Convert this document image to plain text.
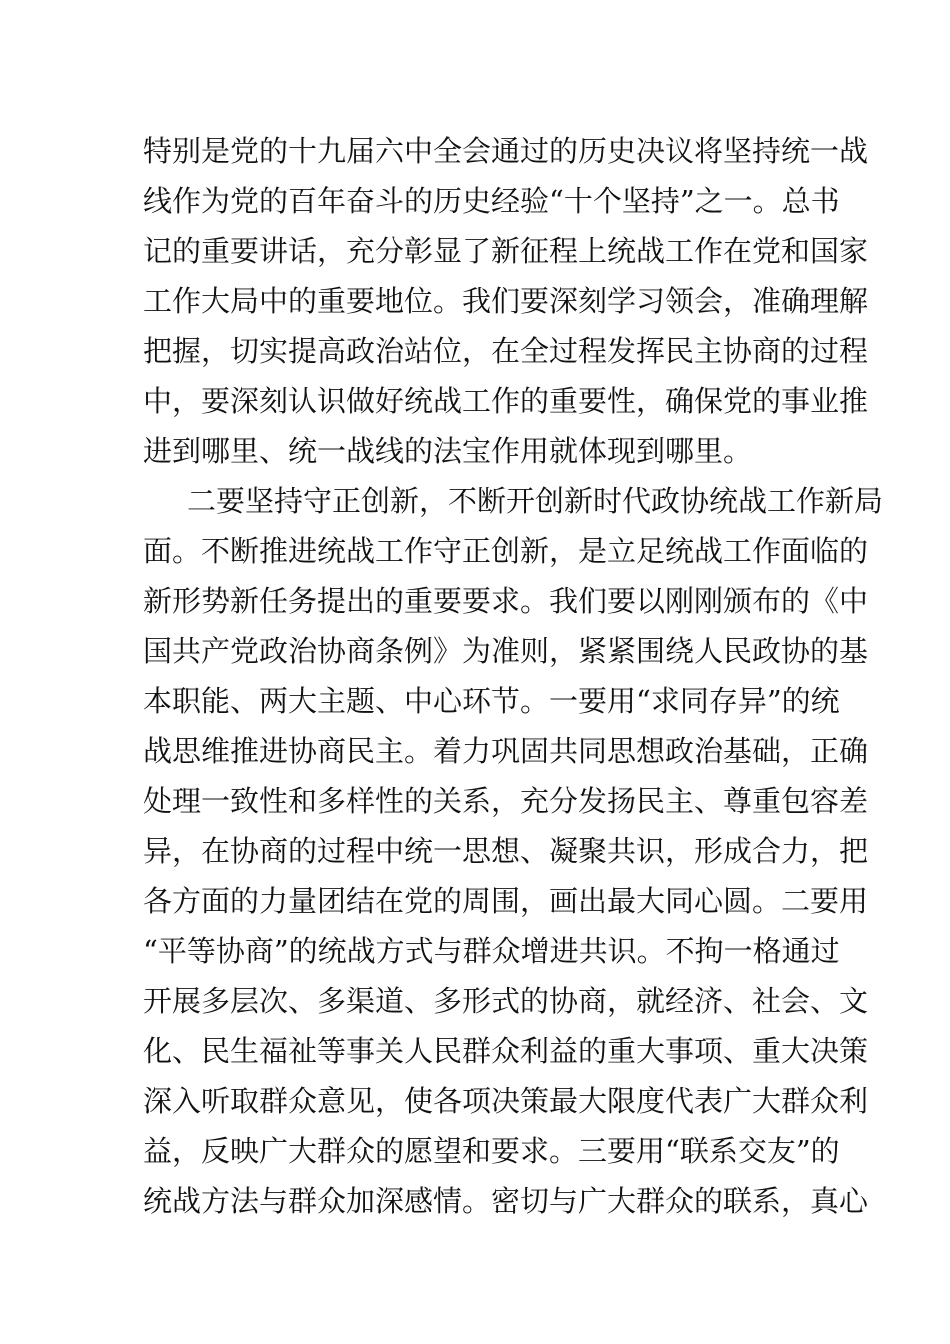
特别是党的十九届六中全会通过的历史决议将坚持统一战
线作为党的百年奋斗的历史经验“十个坚持”之一。总书
记的重要讲话，充分彰显了新征程上统战工作在党和国家
工作大局中的重要地位。我们要深刻学习领会，准确理解
把握，切实提高政治站位，在全过程发挥民主协商的过程
中，要深刻认识做好统战工作的重要性，确保党的事业推
进到哪里、统一战线的法宝作用就体现到哪里。
二要坚持守正创新，不断开创新时代政协统战工作新局
面。不断推进统战工作守正创新，是立足统战工作面临的
新形势新任务提出的重要要求。我们要以刚刚颁布的《中
国共产党政治协商条例》为准则，紧紧围绕人民政协的基
本职能、两大主题、中心环节。一要用“求同存异”的统
战思维推进协商民主。着力巩固共同思想政治基础，正确
处理一致性和多样性的关系，充分发扬民主、尊重包容差
异，在协商的过程中统一思想、凝聚共识，形成合力，把
各方面的力量团结在党的周围，画出最大同心圆。二要用
“平等协商”的统战方式与群众增进共识。不拘一格通过
开展多层次、多渠道、多形式的协商，就经济、社会、文
化、民生福祉等事关人民群众利益的重大事项、重大决策
深入听取群众意见，使各项决策最大限度代表广大群众利
益，反映广大群众的愿望和要求。三要用“联系交友”的
统战方法与群众加深感情。密切与广大群众的联系，真心
